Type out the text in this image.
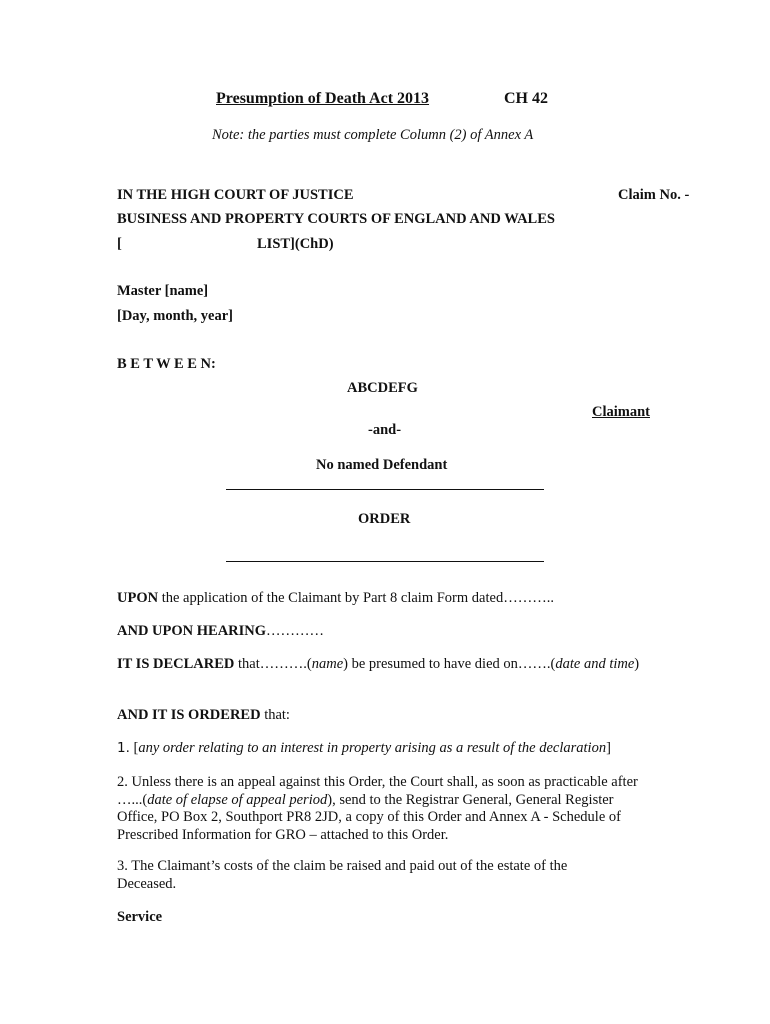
Presumption of Death Act 2013	CH 42
Note: the parties must complete Column (2) of Annex A
IN THE HIGH COURT OF JUSTICE	Claim No. -
BUSINESS AND PROPERTY COURTS OF ENGLAND AND WALES
[	LIST](ChD)
Master [name]
[Day, month, year]
B E T W E E N:
ABCDEFG
Claimant
-and-
No named Defendant
ORDER
UPON the application of the Claimant by Part 8 claim Form dated………..
AND UPON HEARING…………
IT IS DECLARED that……….(name) be presumed to have died on…….(date and time)
AND IT IS ORDERED that:
1. [any order relating to an interest in property arising as a result of the declaration]
2. Unless there is an appeal against this Order, the Court shall, as soon as practicable after …...(date of elapse of appeal period), send to the Registrar General, General Register Office, PO Box 2, Southport PR8 2JD, a copy of this Order and Annex A - Schedule of Prescribed Information for GRO – attached to this Order.
3. The Claimant’s costs of the claim be raised and paid out of the estate of the Deceased.
Service
